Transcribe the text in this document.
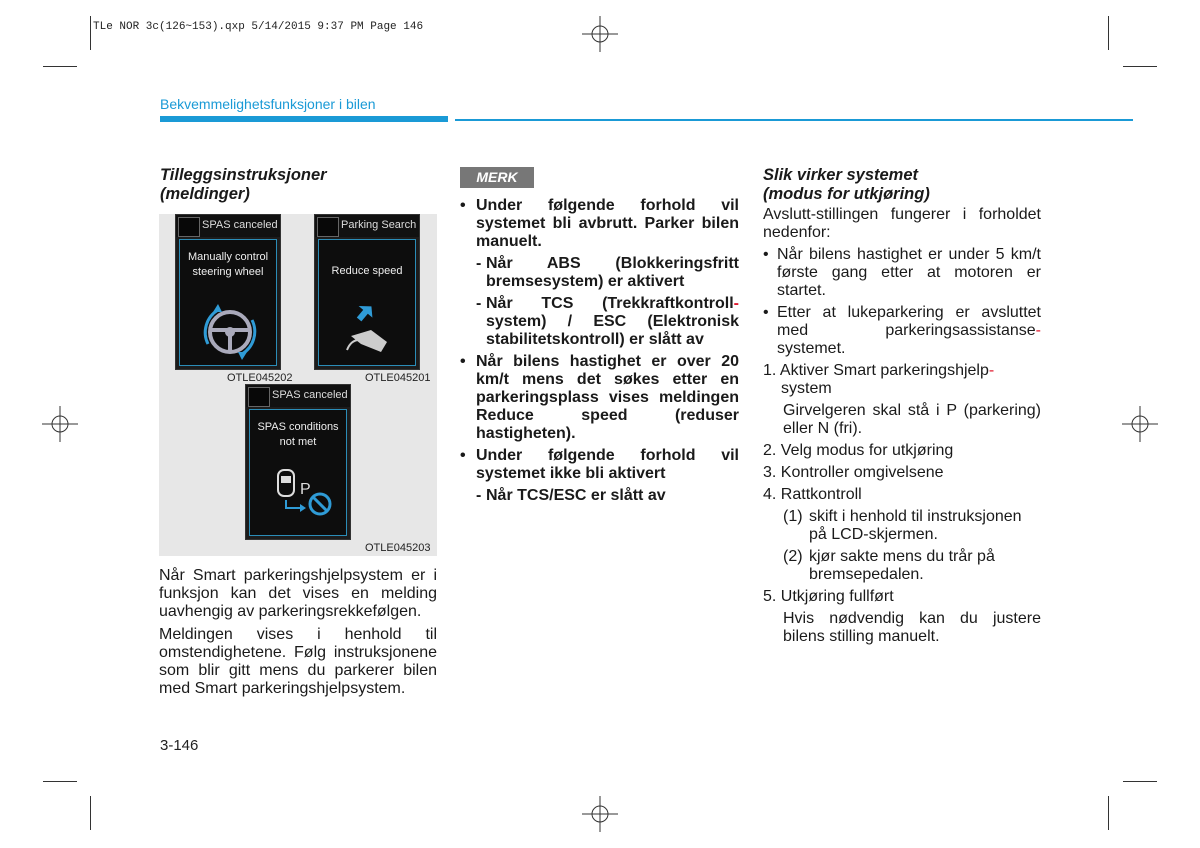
TLe NOR 3c(126~153).qxp 5/14/2015 9:37 PM Page 146
Bekvemmelighetsfunksjoner i bilen
Tilleggsinstruksjoner
(meldinger)
SPAS canceled
Manually control
steering wheel
OTLE045202
Parking Search
Reduce speed
OTLE045201
SPAS canceled
SPAS conditions
not met
P
OTLE045203
Når Smart parkeringshjelpsystem er i funksjon kan det vises en melding uavhengig av parkeringsrekkefølgen.
Meldingen vises i henhold til omstendighetene. Følg instruksjonene som blir gitt mens du parkerer bilen med Smart parkeringshjelpsystem.
MERK
• Under følgende forhold vil systemet bli avbrutt. Parker bilen manuelt.
- Når ABS (Blokkeringsfritt bremsesystem) er aktivert
- Når TCS (Trekkraftkontroll- system) / ESC (Elektronisk stabilitetskontroll) er slått av
• Når bilens hastighet er over 20 km/t mens det søkes etter en parkeringsplass vises meldingen Reduce speed (reduser hastigheten).
• Under følgende forhold vil systemet ikke bli aktivert
- Når TCS/ESC er slått av
Slik virker systemet
(modus for utkjøring)
Avslutt-stillingen fungerer i forholdet nedenfor:
• Når bilens hastighet er under 5 km/t første gang etter at motoren er startet.
• Etter at lukeparkering er avsluttet med parkeringsassistanse- systemet.
1. Aktiver Smart parkeringshjelp-
system
Girvelgeren skal stå i P (parkering) eller N (fri).
2. Velg modus for utkjøring
3. Kontroller omgivelsene
4. Rattkontroll
(1) skift i henhold til instruksjonen på LCD-skjermen.
(2) kjør sakte mens du trår på bremsepedalen.
5. Utkjøring fullført
Hvis nødvendig kan du justere bilens stilling manuelt.
3-146
